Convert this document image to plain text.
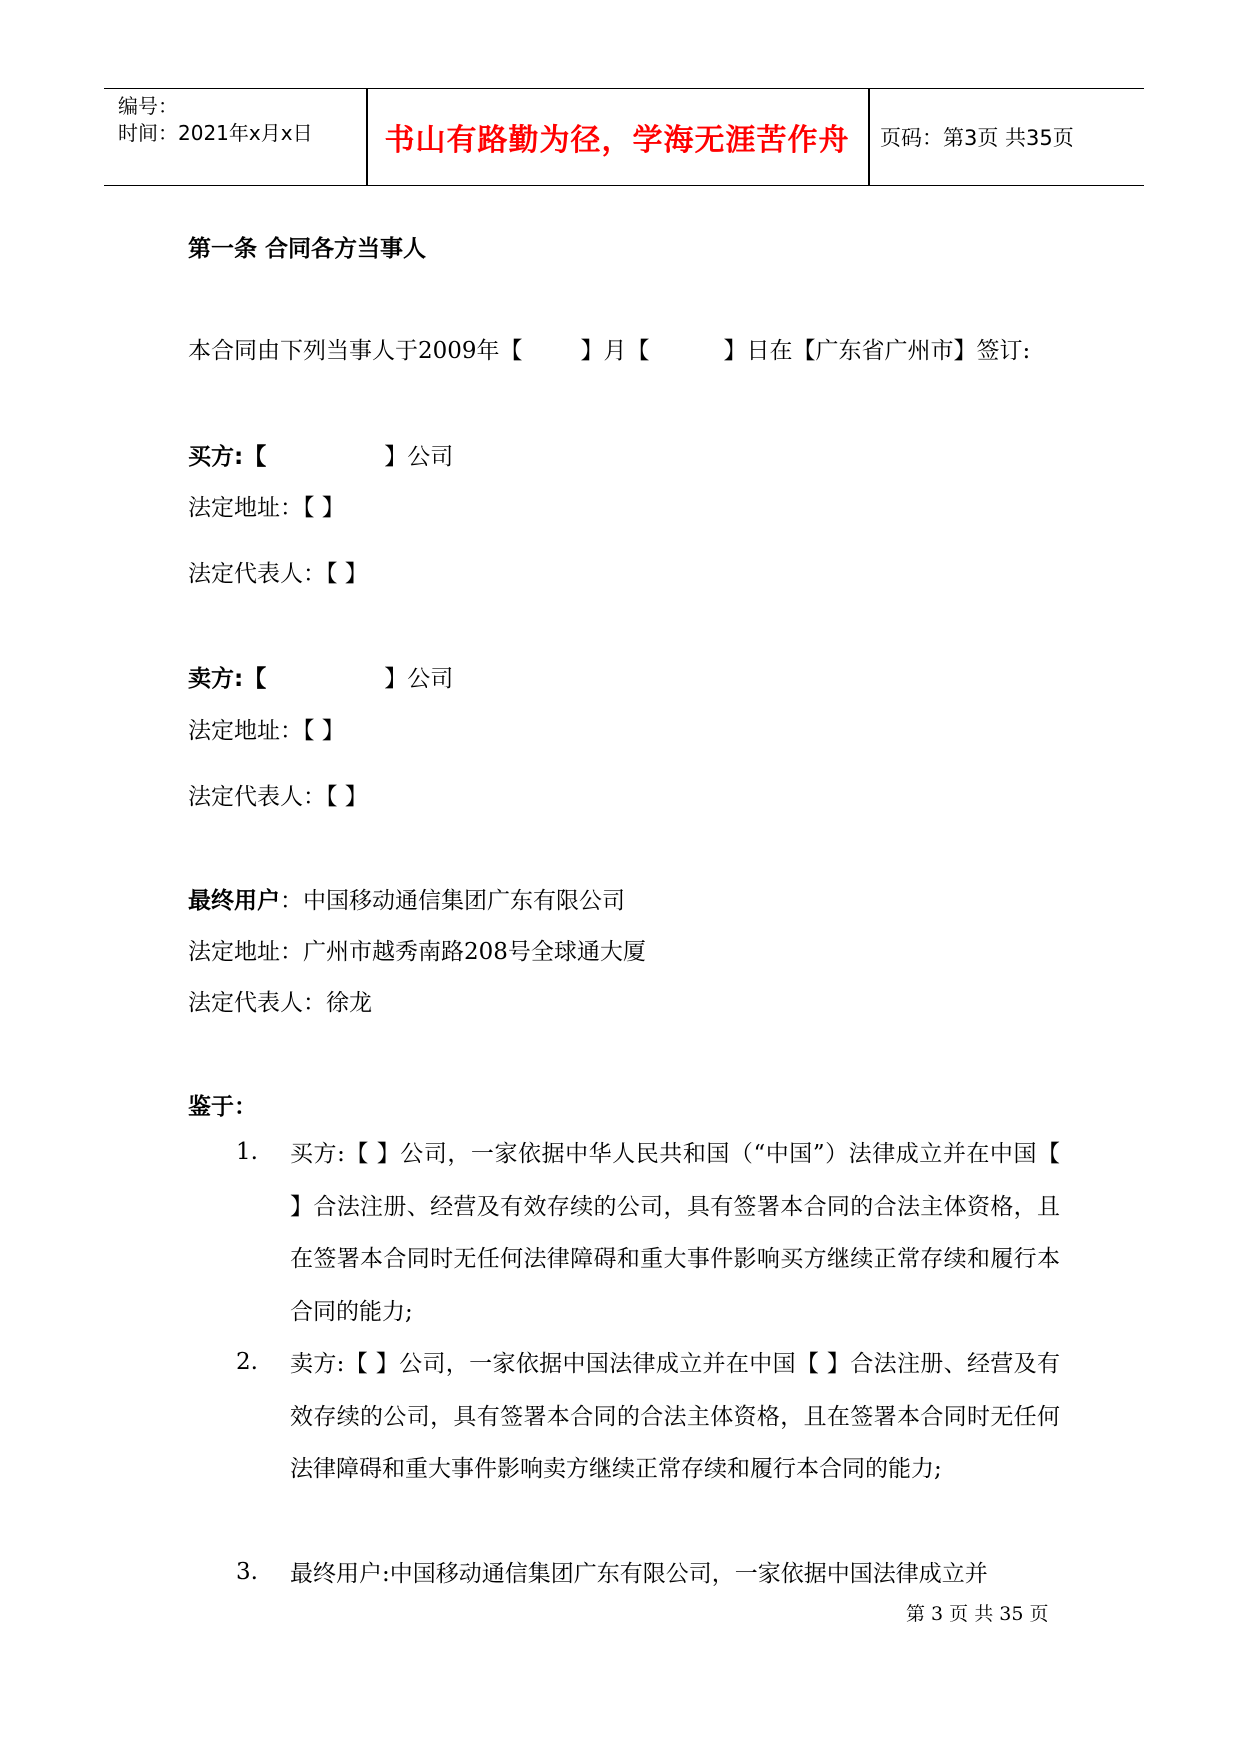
编号：
时间：2021年x月x日	书山有路勤为径，学海无涯苦作舟	页码：第3页 共35页
第一条 合同各方当事人
本合同由下列当事人于2009年【	】月【	】日在【广东省广州市】签订:
买方:【	】公司
法定地址：【 】
法定代表人：【 】
卖方:【	】公司
法定地址：【 】
法定代表人：【 】
最终用户：中国移动通信集团广东有限公司
法定地址：广州市越秀南路208号全球通大厦
法定代表人：徐龙
鉴于：
1. 买方:【 】公司，一家依据中华人民共和国（“中国”）法律成立并在中国【 】合法注册、经营及有效存续的公司，具有签署本合同的合法主体资格，且在签署本合同时无任何法律障碍和重大事件影响买方继续正常存续和履行本合同的能力;
2. 卖方:【 】公司，一家依据中国法律成立并在中国【 】合法注册、经营及有效存续的公司，具有签署本合同的合法主体资格，且在签署本合同时无任何法律障碍和重大事件影响卖方继续正常存续和履行本合同的能力;
3. 最终用户:中国移动通信集团广东有限公司，一家依据中国法律成立并
第 3 页 共 35 页
